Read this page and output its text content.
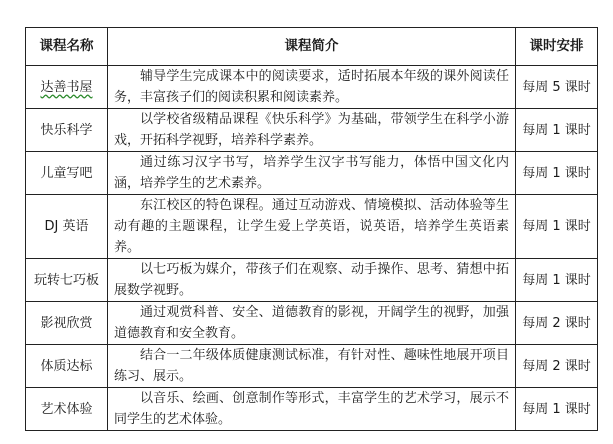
课程名称	课程简介	课时安排
达善书屋	辅导学生完成课本中的阅读要求，适时拓展本年级的课外阅读任务，丰富孩子们的阅读积累和阅读素养。	每周 5 课时
快乐科学	以学校省级精品课程《快乐科学》为基础，带领学生在科学小游戏，开拓科学视野，培养科学素养。	每周 1 课时
儿童写吧	通过练习汉字书写，培养学生汉字书写能力，体悟中国文化内涵，培养学生的艺术素养。	每周 1 课时
DJ 英语	东江校区的特色课程。通过互动游戏、情境模拟、活动体验等生动有趣的主题课程，让学生爱上学英语，说英语，培养学生英语素养。	每周 1 课时
玩转七巧板	以七巧板为媒介，带孩子们在观察、动手操作、思考、猜想中拓展数学视野。	每周 1 课时
影视欣赏	通过观赏科普、安全、道德教育的影视，开阔学生的视野，加强道德教育和安全教育。	每周 2 课时
体质达标	结合一二年级体质健康测试标准，有针对性、趣味性地展开项目练习、展示。	每周 2 课时
艺术体验	以音乐、绘画、创意制作等形式，丰富学生的艺术学习，展示不同学生的艺术体验。	每周 1 课时
